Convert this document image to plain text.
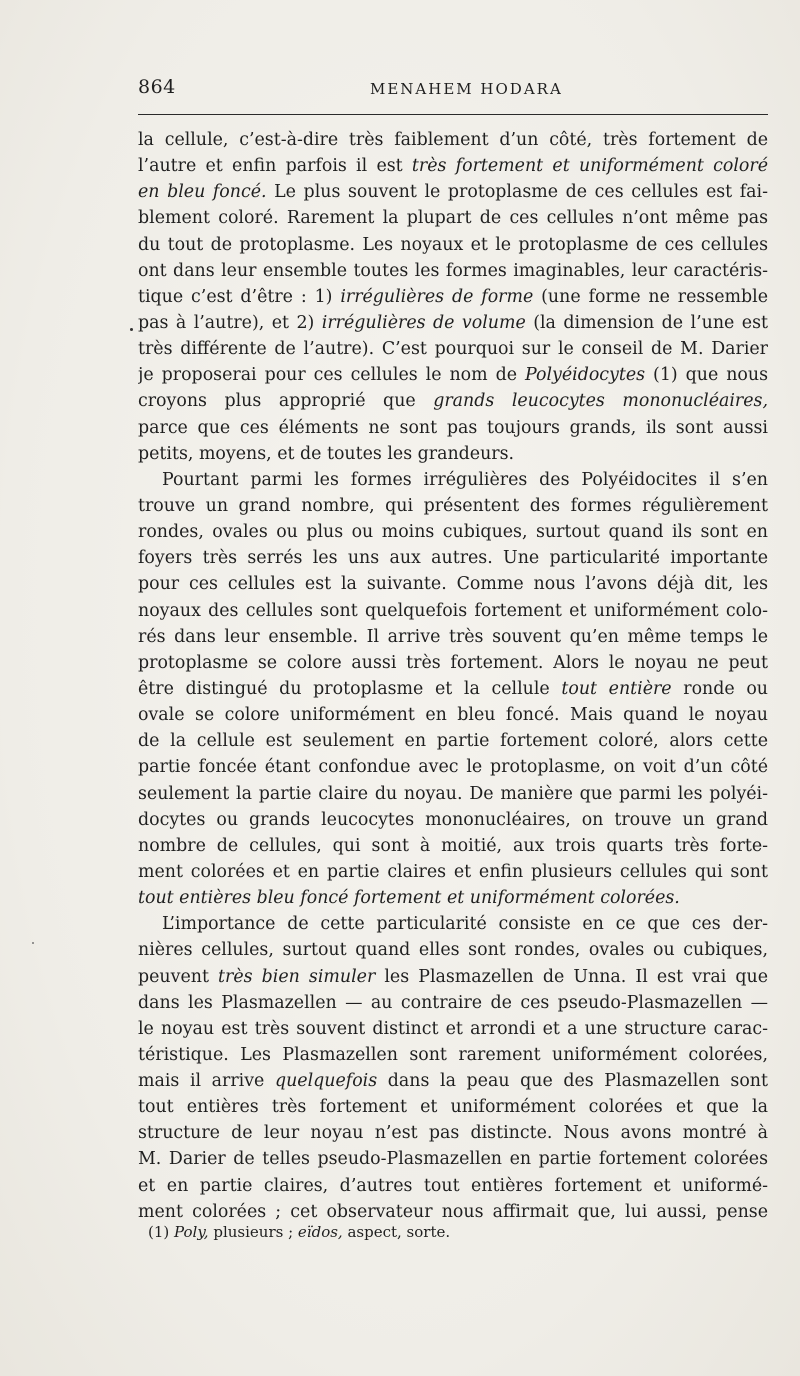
864	MENAHEM HODARA
la cellule, c’est-à-dire très faiblement d’un côté, très fortement de
l’autre et enfin parfois il est très fortement et uniformément coloré
en bleu foncé. Le plus souvent le protoplasme de ces cellules est fai-
blement coloré. Rarement la plupart de ces cellules n’ont même pas
du tout de protoplasme. Les noyaux et le protoplasme de ces cellules
ont dans leur ensemble toutes les formes imaginables, leur caractéris-
tique c’est d’être : 1) irrégulières de forme (une forme ne ressemble
pas à l’autre), et 2) irrégulières de volume (la dimension de l’une est
très différente de l’autre). C’est pourquoi sur le conseil de M. Darier
je proposerai pour ces cellules le nom de Polyéidocytes (1) que nous
croyons plus approprié que grands leucocytes mononucléaires,
parce que ces éléments ne sont pas toujours grands, ils sont aussi
petits, moyens, et de toutes les grandeurs.
Pourtant parmi les formes irrégulières des Polyéidocites il s’en
trouve un grand nombre, qui présentent des formes régulièrement
rondes, ovales ou plus ou moins cubiques, surtout quand ils sont en
foyers très serrés les uns aux autres. Une particularité importante
pour ces cellules est la suivante. Comme nous l’avons déjà dit, les
noyaux des cellules sont quelquefois fortement et uniformément colo-
rés dans leur ensemble. Il arrive très souvent qu’en même temps le
protoplasme se colore aussi très fortement. Alors le noyau ne peut
être distingué du protoplasme et la cellule tout entière ronde ou
ovale se colore uniformément en bleu foncé. Mais quand le noyau
de la cellule est seulement en partie fortement coloré, alors cette
partie foncée étant confondue avec le protoplasme, on voit d’un côté
seulement la partie claire du noyau. De manière que parmi les polyéi-
docytes ou grands leucocytes mononucléaires, on trouve un grand
nombre de cellules, qui sont à moitié, aux trois quarts très forte-
ment colorées et en partie claires et enfin plusieurs cellules qui sont
tout entières bleu foncé fortement et uniformément colorées.
L’importance de cette particularité consiste en ce que ces der-
nières cellules, surtout quand elles sont rondes, ovales ou cubiques,
peuvent très bien simuler les Plasmazellen de Unna. Il est vrai que
dans les Plasmazellen — au contraire de ces pseudo-Plasmazellen —
le noyau est très souvent distinct et arrondi et a une structure carac-
téristique. Les Plasmazellen sont rarement uniformément colorées,
mais il arrive quelquefois dans la peau que des Plasmazellen sont
tout entières très fortement et uniformément colorées et que la
structure de leur noyau n’est pas distincte. Nous avons montré à
M. Darier de telles pseudo-Plasmazellen en partie fortement colorées
et en partie claires, d’autres tout entières fortement et uniformé-
ment colorées ; cet observateur nous affirmait que, lui aussi, pense
(1) Poly, plusieurs ; eïdos, aspect, sorte.
